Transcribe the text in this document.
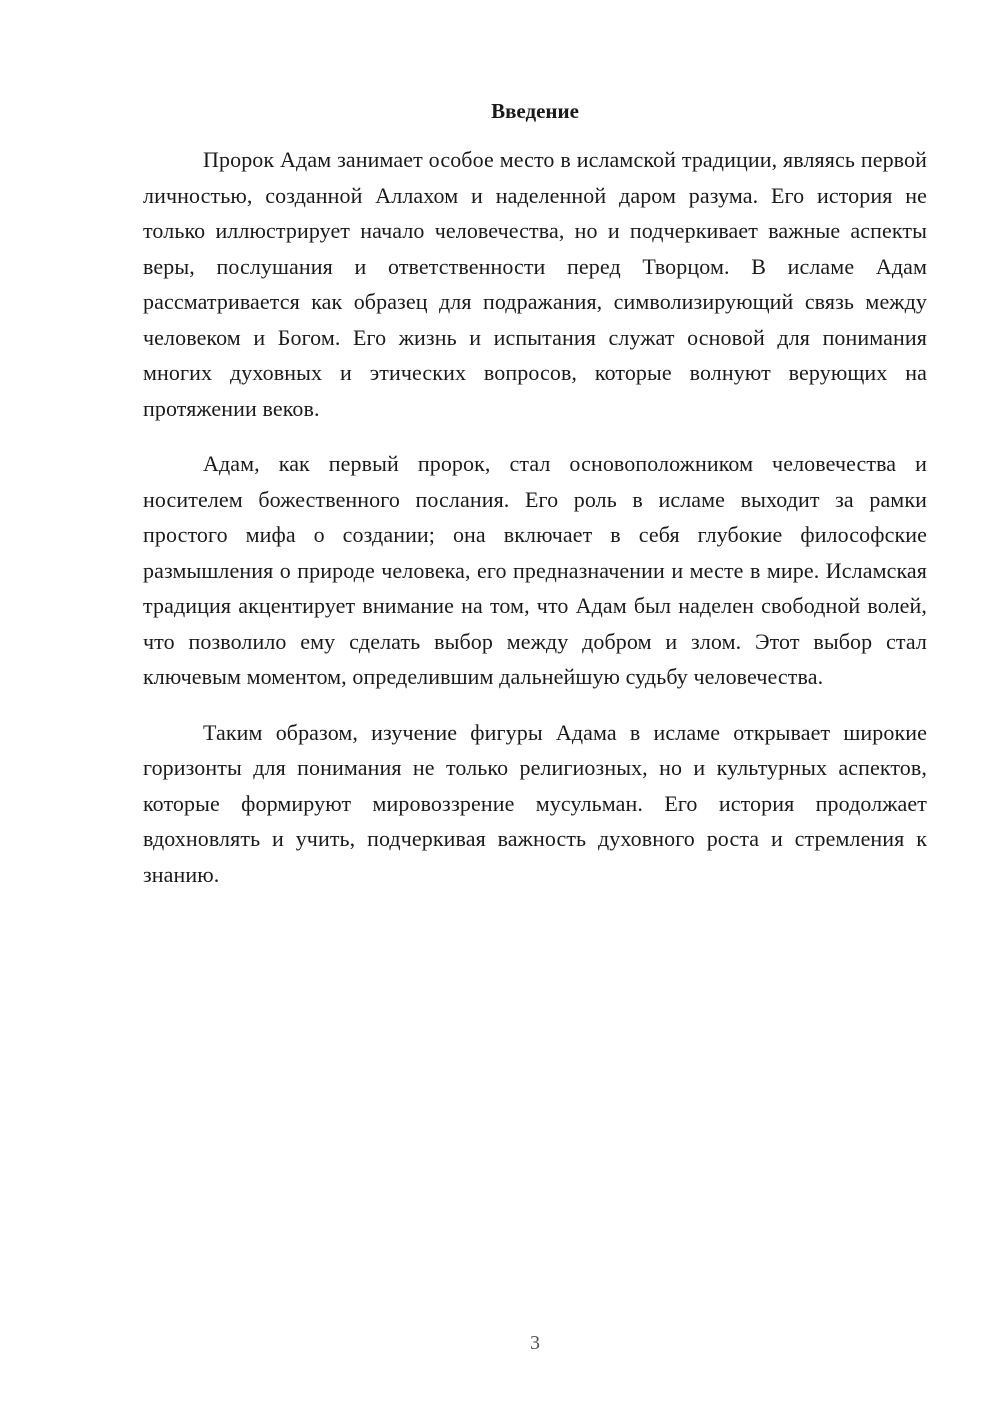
Введение

Пророк Адам занимает особое место в исламской традиции, являясь первой личностью, созданной Аллахом и наделенной даром разума. Его история не только иллюстрирует начало человечества, но и подчеркивает важные аспекты веры, послушания и ответственности перед Творцом. В исламе Адам рассматривается как образец для подражания, символизирующий связь между человеком и Богом. Его жизнь и испытания служат основой для понимания многих духовных и этических вопросов, которые волнуют верующих на протяжении веков.

Адам, как первый пророк, стал основоположником человечества и носителем божественного послания. Его роль в исламе выходит за рамки простого мифа о создании; она включает в себя глубокие философские размышления о природе человека, его предназначении и месте в мире. Исламская традиция акцентирует внимание на том, что Адам был наделен свободной волей, что позволило ему сделать выбор между добром и злом. Этот выбор стал ключевым моментом, определившим дальнейшую судьбу человечества.

Таким образом, изучение фигуры Адама в исламе открывает широкие горизонты для понимания не только религиозных, но и культурных аспектов, которые формируют мировоззрение мусульман. Его история продолжает вдохновлять и учить, подчеркивая важность духовного роста и стремления к знанию.

3
